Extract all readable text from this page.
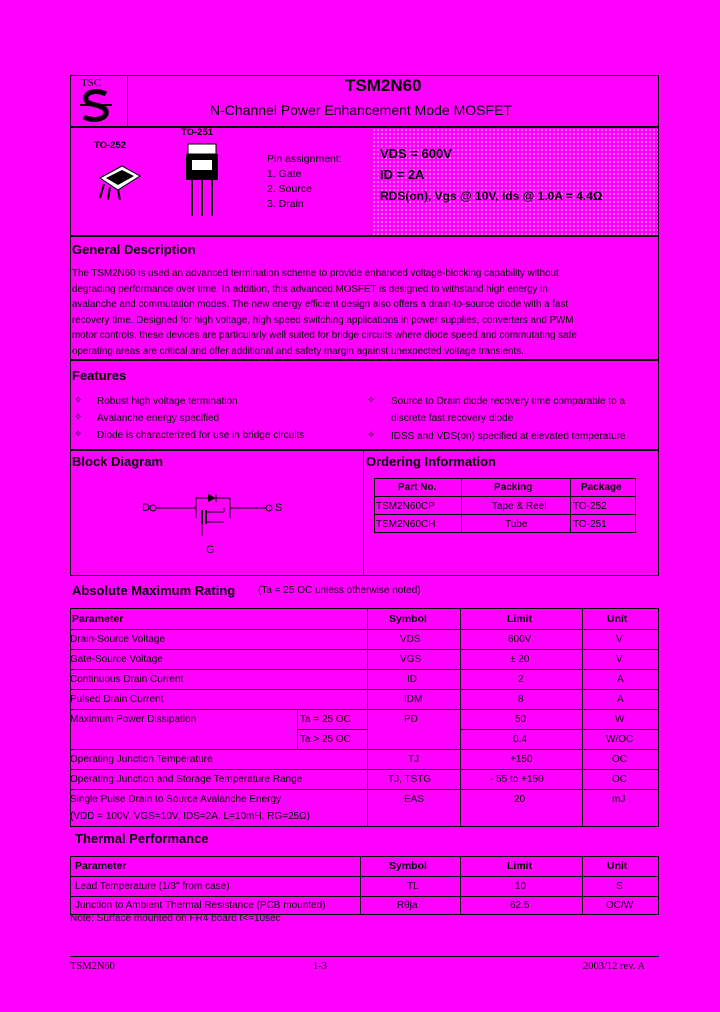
TSC	TSM2N60
N-Channel Power Enhancement Mode MOSFET
TO-252
TO-251
Pin assignment:
1. Gate
2. Source
3. Drain
VDS = 600V
ID = 2A
RDS(on), Vgs @ 10V, Ids @ 1.0A = 4.4Ω
General Description
The TSM2N60 is used an advanced termination scheme to provide enhanced voltage-blocking capability without
degrading performance over time. In addition, this advanced MOSFET is designed to withstand high energy in
avalanche and commutation modes. The new energy efficient design also offers a drain-to-source diode with a fast
recovery time. Designed for high voltage, high speed switching applications in power supplies, converters and PWM
motor controls, these devices are particularly well suited for bridge circuits where diode speed and commutating safe
operating areas are critical and offer additional and safety margin against unexpected voltage transients.
Features
✧ Robust high voltage termination
✧ Avalanche energy specified
✧ Diode is characterized for use in bridge circuits
✧ Source to Drain diode recovery time comparable to a
discrete fast recovery diode
✧ IDSS and VDS(on) specified at elevated temperature
Block Diagram
D	S
G
Ordering Information
Part No.	Packing	Package
TSM2N60CP	Tape & Reel	TO-252
TSM2N60CH	Tube	TO-251
Absolute Maximum Rating (Ta = 25 OC unless otherwise noted)
Parameter	Symbol	Limit	Unit
Drain-Source Voltage	VDS	600V	V
Gate-Source Voltage	VGS	± 20	V
Continuous Drain Current	ID	2	A
Pulsed Drain Current	IDM	8	A
Maximum Power Dissipation	Ta = 25 OC	PD	50	W
Ta > 25 OC	0.4	W/OC
Operating Junction Temperature	TJ	+150	OC
Operating Junction and Storage Temperature Range	TJ, TSTG	- 55 to +150	OC
Single Pulse Drain to Source Avalanche Energy
(VDD = 100V, VGS=10V, IDS=2A, L=10mH, RG=25Ω)
EAS	20	mJ
Thermal Performance
Parameter	Symbol	Limit	Unit
Lead Temperature (1/8" from case)	TL	10	S
Junction to Ambient Thermal Resistance (PCB mounted)	Rθja	62.5	OC/W
Note: Surface mounted on FR4 board t<=10sec
TSM2N60	1-3	2003/12 rev. A
